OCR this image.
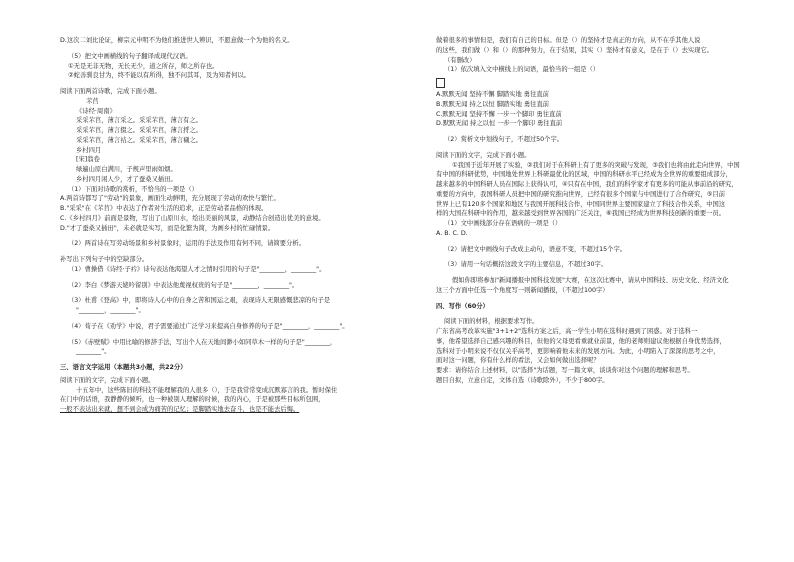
D.这次二刘比论证，柳宗元申明不为他们推进世人辨识，不愿意做一个为他的名义。

（5）把文中画横线的句子翻译成现代汉语。

①无是无非无物，无长无少，道之所存，师之所存也。

②蛇善驯良甘为，终不能以有所得，独不问其耳，及为知者何以。

阅读下面两首诗歌，完成下面小题。

芣苢

《诗经·周南》

采采芣苢，薄言采之。采采芣苢，薄言有之。

采采芣苢，薄言掇之。采采芣苢，薄言捋之。

采采芣苢，薄言袺之。采采芣苢，薄言襭之。

乡村四月

[宋]翁卷

绿遍山原白满川，子规声里雨如烟。

乡村四月闲人少，才了蚕桑又插田。

（1）下面对诗歌的赏析，不恰当的一项是（）

A.两首诗都写了"劳动"的景象，画面生动鲜明，充分展现了劳动的欢快与繁忙。

B."采采"在《芣苢》中表达了作者对生活的追求，正是劳动者品格的体现。

C.《乡村四月》前面是景物，写出了山原川水，绘出美丽的风景，动静结合创造出优美的意境。

D."才了蚕桑又插田"，未必就是实写，而是化繁为简，为画乡村的忙碌情景。

（2）两首诗在写劳动场景和乡村景象时，运用的手法及作用有何不同，请简要分析。

补写出下列句子中的空缺部分。

（1）曹操借《诗经·子衿》诗句表达他渴望人才之情时引用的句子是"________，________"。

（2）李白《梦游天姥吟留别》中表达他蔑视权贵的句子是"________，________"。

（3）杜甫《登高》中，即将诗人心中的自身之苦和国运之艰，表现诗人无限感慨悲凉的句子是

"________，________"。

（4）荀子在《劝学》中说，君子需要通过广泛学习来提高自身修养的句子是"________，________"。

（5）《赤壁赋》中用比喻的修辞手法，写出个人在天地间渺小如同草木一样的句子是"________，

________"。

三、语言文字运用（本题共3小题，共22分）

阅读下面的文字，完成下面小题。

十五年中，这些陈旧的科技不能理解我的人很多（），于是我常常变成沉默寡言的我。暂时保住

在门中的话语，我静静的倾听，也一种被别人理解的时候，我的内心，于是被那些目标所包围，

一般不表达出来就，想不到会成为痛苦的记忆；是脚踏实地去奋斗，也是不能去后悔。

做着很多的事情但是，我们有自己的目标。但是（）的坚持才是真正的方向，从不在乎其他人说

的这些，我们做（）和（）的那种努力，在于结果，其实（）坚持才有意义，是在于（）去实现它。

（有删改）

（1）依次填入文中横线上的词语，最恰当的一组是（）

A.默默无闻 坚持不懈 脚踏实地 勇往直前

B.默默无闻 持之以恒 脚踏实地 勇往直前

C.默默无闻 坚持不懈 一步一个脚印 勇往直前

D.默默无闻 持之以恒 一步一个脚印 勇往直前

（2）赏析文中划线句子，不超过50个字。

阅读下面的文字，完成下面小题。

①我国于近年开展了实验，②我们对于在科研上有了更多的突破与发现，③我们也将由此走向世界，中国

有中国的科研优势，中国地处世界上科研最优化的区域，中国的科研水平已经成为全世界的重要组成部分，

越来越多的中国科研人员在国际上获得认可，④只有在中国，我们的科学家才有更多的可能从事前沿的研究，

重要的方向中，我国科研人员把中国的研究推向世界，已经有很多个国家与中国进行了合作研究，⑤目前

世界上已有120多个国家和地区与我国开展科技合作，中国同世界主要国家建立了科技合作关系，中国这

样的大国在科研中的作用，越来越受到世界各国的广泛关注，⑥我国已经成为世界科技创新的重要一员。

（1）文中画线部分存在语病的一项是（）

A. B. C. D.

（2）请把文中画线句子改成主动句，语意不变，不超过15个字。

（3）请用一句话概括这段文字的主要信息，不超过30字。

假如你即将参加"新闻播报中国科技发展"大赛，在这次比赛中，请从中国科技、历史文化、经济文化

这三个方面中任选一个角度写一则新闻播报，（不超过100字）

四、写作（60分）

阅读下面的材料，根据要求写作。

广东省高考改革实施"3+1+2"选科方案之后，高一学生小明在选科时遇到了困惑。对于选科一

事，他希望选择自己感兴趣的科目，但他的父母更看重就业前景，他的老师则建议他根据自身优势选择，

选科对于小明来说不仅仅关乎高考，更影响着他未来的发展方向。为此，小明陷入了深深的思考之中，

面对这一问题，你有什么样的看法，又会如何做出选择呢？

要求：请你结合上述材料，以"选择"为话题，写一篇文章，谈谈你对这个问题的理解和思考。

题目自拟，立意自定，文体自选（诗歌除外），不少于800字。
